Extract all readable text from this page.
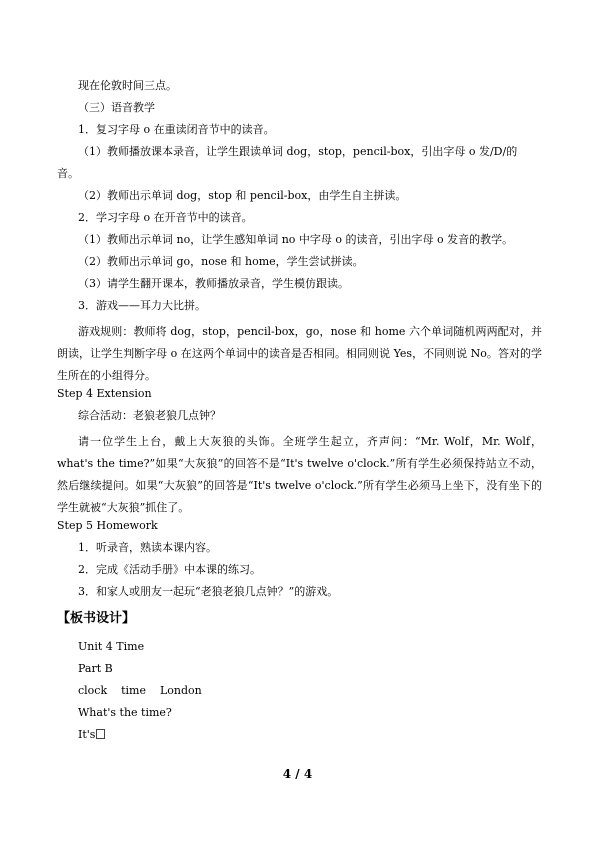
现在伦敦时间三点。
（三）语音教学
1．复习字母 o 在重读闭音节中的读音。
（1）教师播放课本录音，让学生跟读单词 dog，stop，pencil-box，引出字母 o 发/D/的
音。
（2）教师出示单词 dog，stop 和 pencil-box，由学生自主拼读。
2．学习字母 o 在开音节中的读音。
（1）教师出示单词 no，让学生感知单词 no 中字母 o 的读音，引出字母 o 发音的教学。
（2）教师出示单词 go，nose 和 home，学生尝试拼读。
（3）请学生翻开课本，教师播放录音，学生模仿跟读。
3．游戏——耳力大比拼。
游戏规则：教师将 dog，stop，pencil-box，go，nose 和 home 六个单词随机两两配对，并朗读，让学生判断字母 o 在这两个单词中的读音是否相同。相同则说 Yes，不同则说 No。答对的学生所在的小组得分。
Step 4 Extension
综合活动：老狼老狼几点钟？
请一位学生上台，戴上大灰狼的头饰。全班学生起立，齐声问：“Mr. Wolf，Mr. Wolf，what's the time?”如果“大灰狼”的回答不是“It's twelve o'clock.”所有学生必须保持站立不动，然后继续提问。如果“大灰狼”的回答是“It's twelve o'clock.”所有学生必须马上坐下，没有坐下的学生就被“大灰狼”抓住了。
Step 5 Homework
1．听录音，熟读本课内容。
2．完成《活动手册》中本课的练习。
3．和家人或朋友一起玩“老狼老狼几点钟？”的游戏。
【板书设计】
Unit 4 Time
Part B
clock    time    London
What's the time?
It's
4 / 4
